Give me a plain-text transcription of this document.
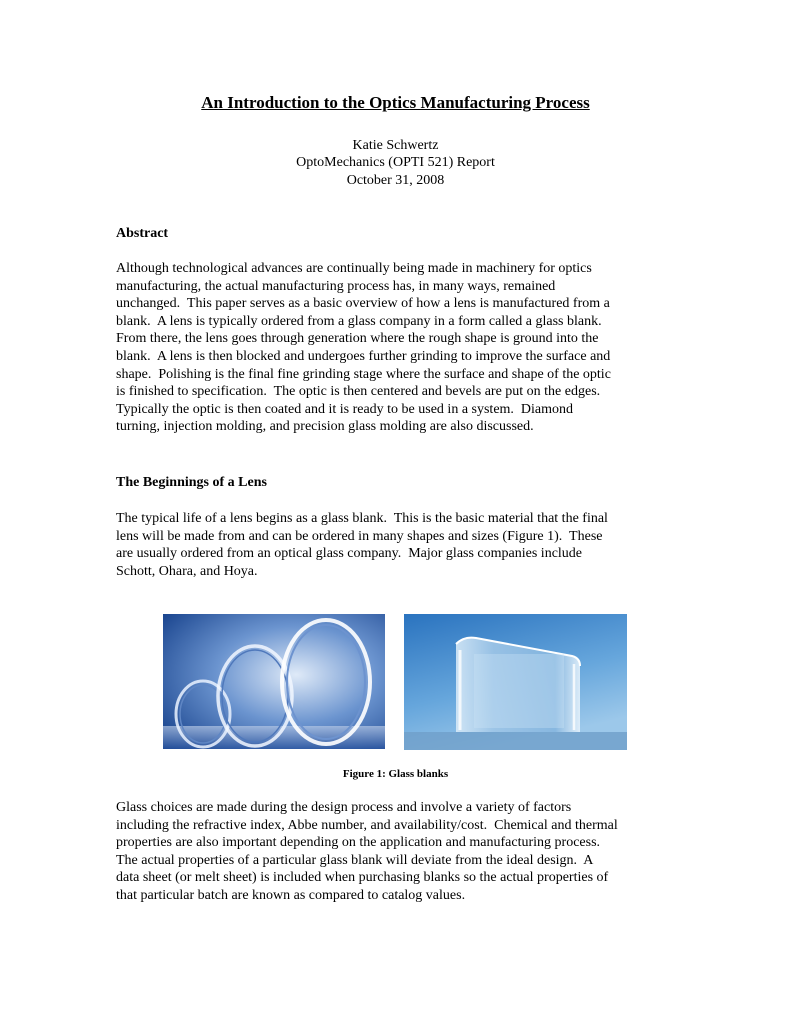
An Introduction to the Optics Manufacturing Process
Katie Schwertz
OptoMechanics (OPTI 521) Report
October 31, 2008
Abstract
Although technological advances are continually being made in machinery for optics
manufacturing, the actual manufacturing process has, in many ways, remained
unchanged.  This paper serves as a basic overview of how a lens is manufactured from a
blank.  A lens is typically ordered from a glass company in a form called a glass blank.
From there, the lens goes through generation where the rough shape is ground into the
blank.  A lens is then blocked and undergoes further grinding to improve the surface and
shape.  Polishing is the final fine grinding stage where the surface and shape of the optic
is finished to specification.  The optic is then centered and bevels are put on the edges.
Typically the optic is then coated and it is ready to be used in a system.  Diamond
turning, injection molding, and precision glass molding are also discussed.
The Beginnings of a Lens
The typical life of a lens begins as a glass blank.  This is the basic material that the final
lens will be made from and can be ordered in many shapes and sizes (Figure 1).  These
are usually ordered from an optical glass company.  Major glass companies include
Schott, Ohara, and Hoya.
Figure 1: Glass blanks
Glass choices are made during the design process and involve a variety of factors
including the refractive index, Abbe number, and availability/cost.  Chemical and thermal
properties are also important depending on the application and manufacturing process.
The actual properties of a particular glass blank will deviate from the ideal design.  A
data sheet (or melt sheet) is included when purchasing blanks so the actual properties of
that particular batch are known as compared to catalog values.
